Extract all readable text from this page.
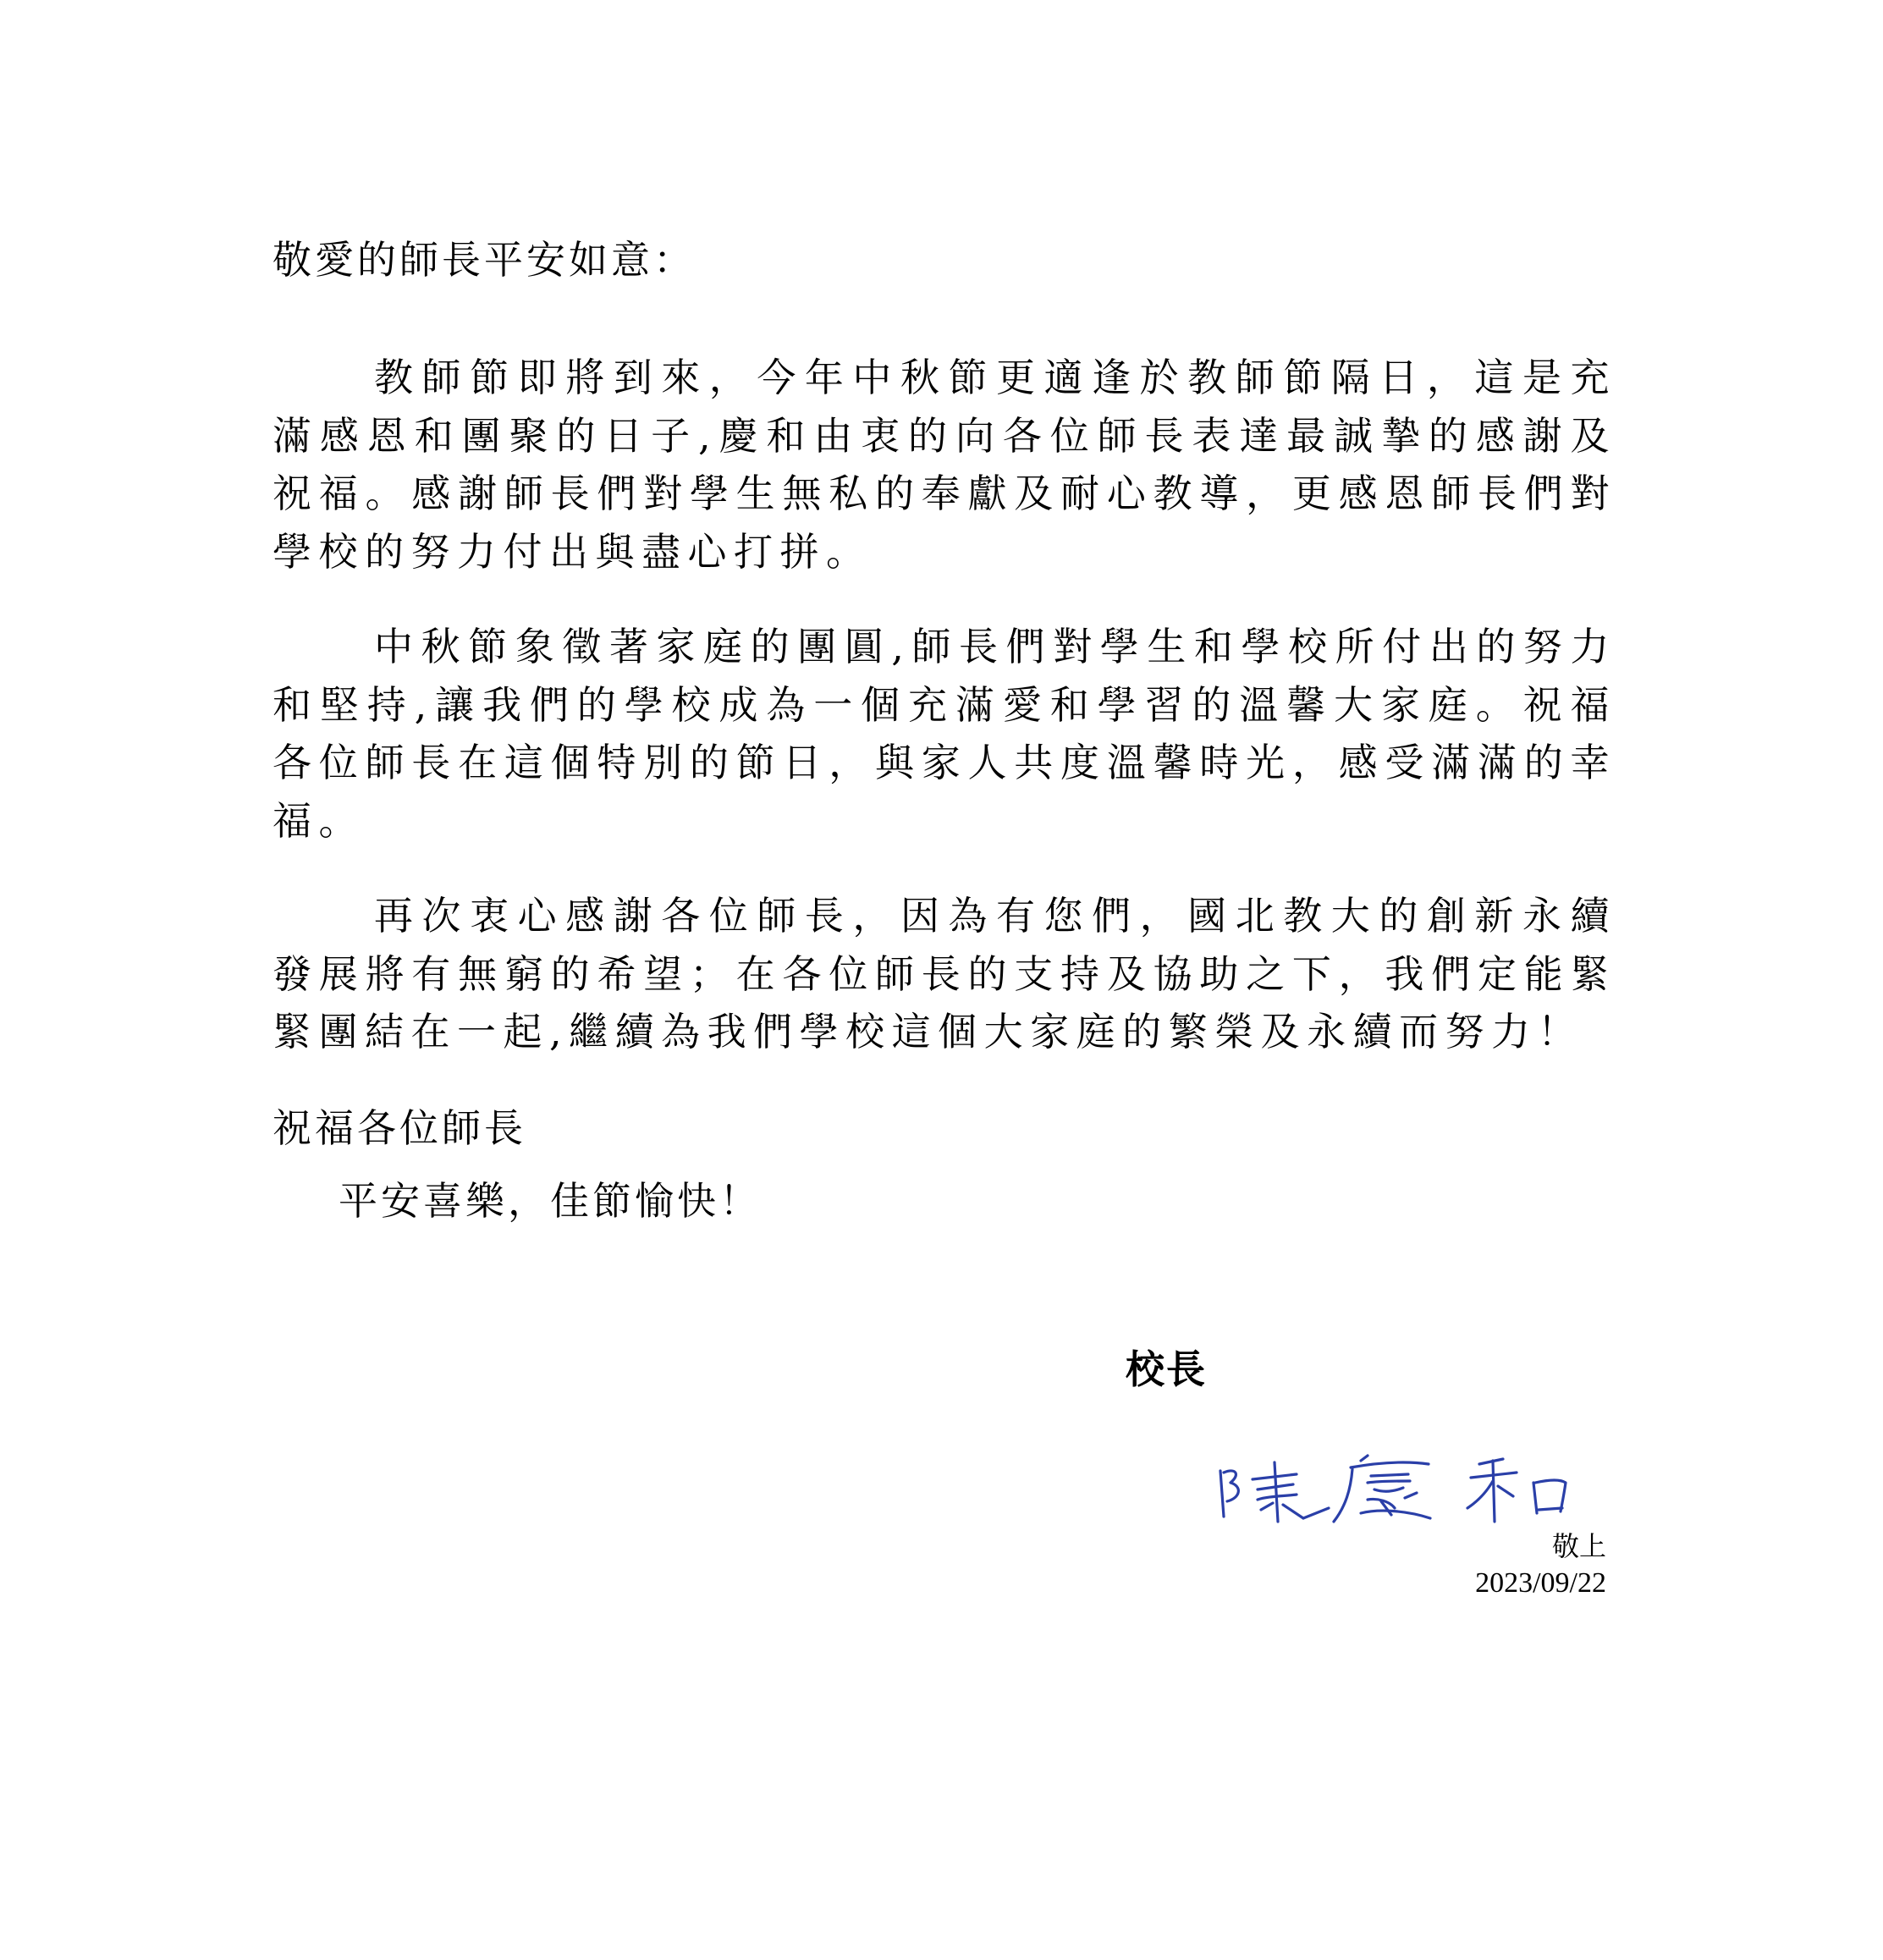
敬愛的師長平安如意：

教師節即將到來，今年中秋節更適逢於教師節隔日，這是充滿感恩和團聚的日子,慶和由衷的向各位師長表達最誠摯的感謝及祝福。感謝師長們對學生無私的奉獻及耐心教導，更感恩師長們對學校的努力付出與盡心打拼。

中秋節象徵著家庭的團圓,師長們對學生和學校所付出的努力和堅持,讓我們的學校成為一個充滿愛和學習的溫馨大家庭。祝福各位師長在這個特別的節日，與家人共度溫馨時光，感受滿滿的幸福。

再次衷心感謝各位師長，因為有您們，國北教大的創新永續發展將有無窮的希望；在各位師長的支持及協助之下，我們定能緊緊團結在一起,繼續為我們學校這個大家庭的繁榮及永續而努力！

祝福各位師長

平安喜樂，佳節愉快！

校長
敬上
2023/09/22
